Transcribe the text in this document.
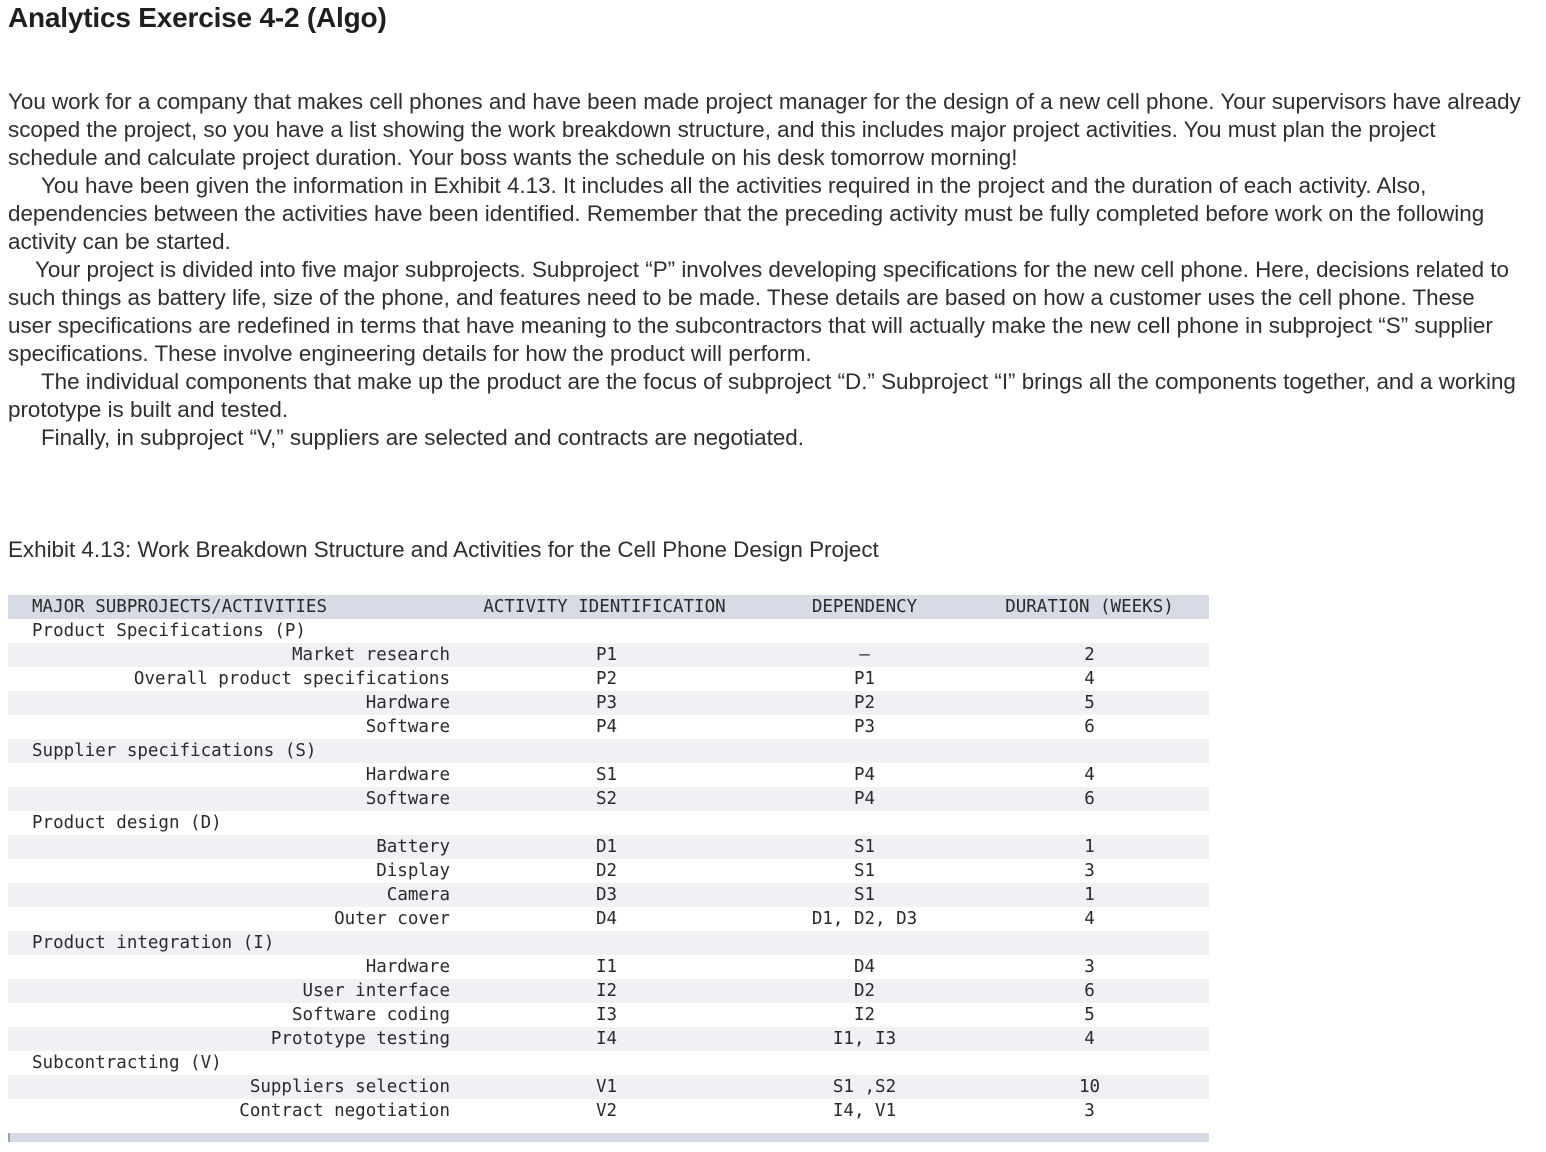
Analytics Exercise 4-2 (Algo)

You work for a company that makes cell phones and have been made project manager for the design of a new cell phone. Your supervisors have already scoped the project, so you have a list showing the work breakdown structure, and this includes major project activities. You must plan the project schedule and calculate project duration. Your boss wants the schedule on his desk tomorrow morning!

You have been given the information in Exhibit 4.13. It includes all the activities required in the project and the duration of each activity. Also, dependencies between the activities have been identified. Remember that the preceding activity must be fully completed before work on the following activity can be started.

Your project is divided into five major subprojects. Subproject “P” involves developing specifications for the new cell phone. Here, decisions related to such things as battery life, size of the phone, and features need to be made. These details are based on how a customer uses the cell phone. These user specifications are redefined in terms that have meaning to the subcontractors that will actually make the new cell phone in subproject “S” supplier specifications. These involve engineering details for how the product will perform.

The individual components that make up the product are the focus of subproject “D.” Subproject “I” brings all the components together, and a working prototype is built and tested.

Finally, in subproject “V,” suppliers are selected and contracts are negotiated.

Exhibit 4.13: Work Breakdown Structure and Activities for the Cell Phone Design Project

MAJOR SUBPROJECTS/ACTIVITIES	ACTIVITY IDENTIFICATION	DEPENDENCY	DURATION (WEEKS)
Product Specifications (P)			
Market research	P1	—	2
Overall product specifications	P2	P1	4
Hardware	P3	P2	5
Software	P4	P3	6
Supplier specifications (S)			
Hardware	S1	P4	4
Software	S2	P4	6
Product design (D)			
Battery	D1	S1	1
Display	D2	S1	3
Camera	D3	S1	1
Outer cover	D4	D1, D2, D3	4
Product integration (I)			
Hardware	I1	D4	3
User interface	I2	D2	6
Software coding	I3	I2	5
Prototype testing	I4	I1, I3	4
Subcontracting (V)			
Suppliers selection	V1	S1 ,S2	10
Contract negotiation	V2	I4, V1	3
